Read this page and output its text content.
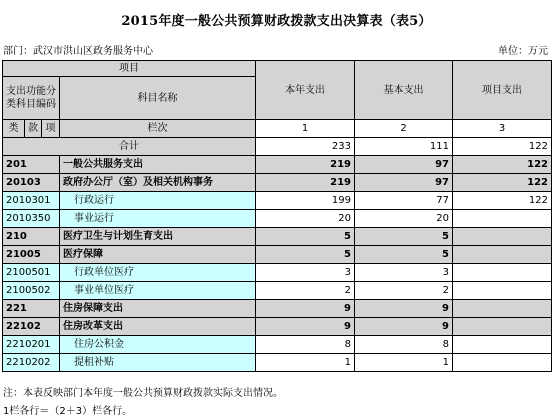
2015年度一般公共预算财政拨款支出决算表（表5）
部门：武汉市洪山区政务服务中心	单位：万元
项目				本年支出	基本支出	项目支出
支出功能分类科目编码			科目名称			
类	款	项				
			栏次	1	2	3
合计				233	111	122
201			一般公共服务支出	219	97	122
20103			政府办公厅（室）及相关机构事务	219	97	122
2010301			行政运行	199	77	122
2010350			事业运行	20	20	
210			医疗卫生与计划生育支出	5	5	
21005			医疗保障	5	5	
2100501			行政单位医疗	3	3	
2100502			事业单位医疗	2	2	
221			住房保障支出	9	9	
22102			住房改革支出	9	9	
2210201			住房公积金	8	8	
2210202			提租补贴	1	1	
注：本表反映部门本年度一般公共预算财政拨款实际支出情况。
1栏各行＝（2＋3）栏各行。
